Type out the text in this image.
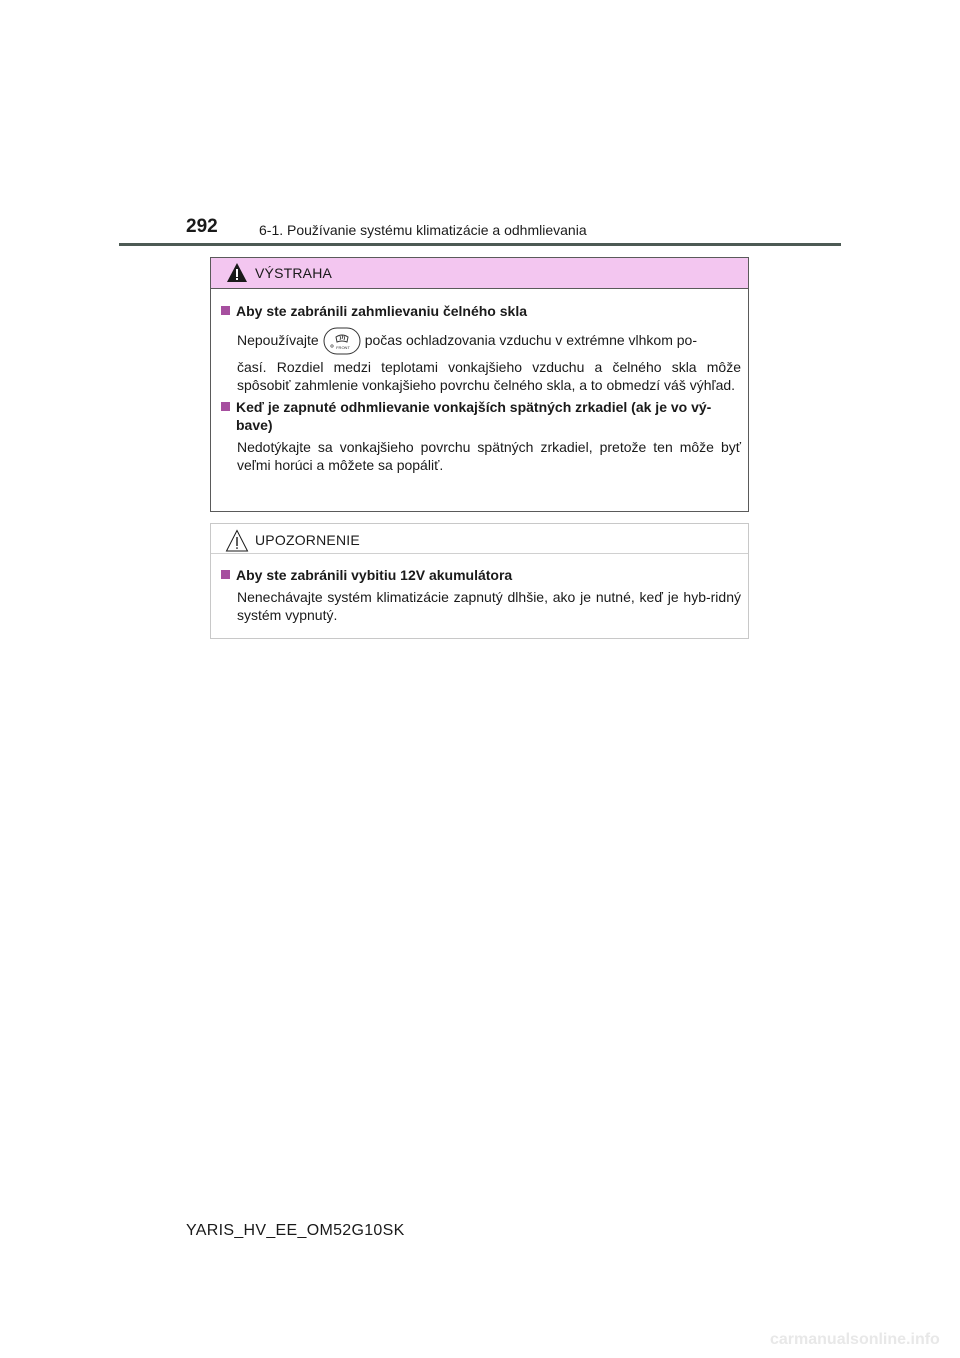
292	6-1. Používanie systému klimatizácie a odhmlievania
VÝSTRAHA
Aby ste zabránili zahmlievaniu čelného skla
Nepoužívajte	FRONT počas ochladzovania vzduchu v extrémne vlhkom po-
časí. Rozdiel medzi teplotami vonkajšieho vzduchu a čelného skla môže spôsobiť zahmlenie vonkajšieho povrchu čelného skla, a to obmedzí váš výhľad.
Keď je zapnuté odhmlievanie vonkajších spätných zrkadiel (ak je vo vý-bave)
Nedotýkajte sa vonkajšieho povrchu spätných zrkadiel, pretože ten môže byť veľmi horúci a môžete sa popáliť.
UPOZORNENIE
Aby ste zabránili vybitiu 12V akumulátora
Nenechávajte systém klimatizácie zapnutý dlhšie, ako je nutné, keď je hyb-ridný systém vypnutý.
YARIS_HV_EE_OM52G10SK
carmanualsonline.info
